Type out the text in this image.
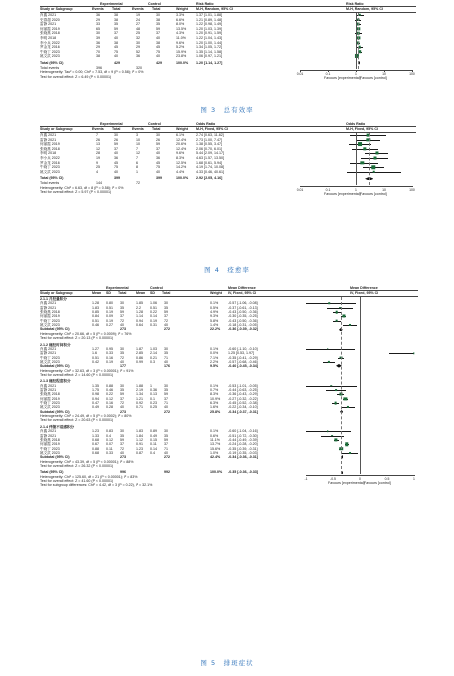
Experimental	Control	Risk Ratio	Risk Ratio
Study or Subgroup	Events Total	Events Total	Weight M-H, Random, 95% CI	M-H, Random, 95% CI
肖鑫 2021	36	38	19	30	3.3%	1.37 [1.01, 1.88]
史群超 2020	29	38	24	38	6.6%	1.21 [0.89, 1.48]
雷静 2021	33	35	27	35	8.0%	1.22 [0.98, 1.49]
何丽霞 2019	65	59	48	59	13.5%	1.20 [1.03, 1.39]
张晓燕 2018	30	37	25	37	4.3%	1.20 [0.91, 1.59]
李明 2018	39	40	32	40	11.0%	1.22 [1.04, 1.43]
李小兵 2022	36	38	30	38	9.6%	1.20 [1.00, 1.44]
罗金龙 2016	29	45	29	45	5.2%	1.34 [1.05, 1.72]
牛晓丁 2023	70	75	52	75	15.9%	1.35 [1.14, 1.58]
姚文武 2023	38	40	36	40	23.8%	1.06 [0.97, 1.21]
Total (95% CI)	429	429	100.0% 1.20 [1.14, 1.27]
Total events	396	320
Heterogeneity: Tau² = 0.00; Chi² = 7.53, df = 9 (P = 0.58); I² = 0%
Test for overall effect: Z = 6.49 (P < 0.00001)
0.01	0.1	1	10	100
Favours [experimental] Favours [control]
图 3　总有效率
Experimental	Control	Odds Ratio	Odds Ratio
Study or Subgroup	Events Total	Events Total	Weight M-H, Fixed, 95% CI	M-H, Fixed, 95% CI
肖鑫 2021	7	30	3	30	6.1%	2.74 [0.63, 11.82]
雷静 2021	26	26	10	26	12.4%	2.73 [1.00, 7.47]
何丽霞 2019	13	59	10	59	20.6%	1.38 [0.55, 3.47]
张晓燕 2018	12	37	7	37	12.4%	2.06 [0.70, 6.01]
李明 2018	28	40	12	40	9.6%	5.44 [2.09, 14.17]
李小兵 2022	19	36	7	36	8.3%	4.63 [1.57, 13.50]
罗金龙 2016	9	45	6	45	12.5%	1.68 [0.61, 5.94]
牛晓丁 2023	25	75	8	75	14.2%	4.19 [1.74, 10.08]
姚文武 2023	4	40	1	40	4.4%	4.33 [0.46, 40.61]
Total (95% CI)	399	399	100.0% 2.92 [2.05, 4.16]
Total events	144	72
Heterogeneity: Chi² = 6.63, df = 8 (P = 0.58); I² = 0%
Test for overall effect: Z = 5.97 (P < 0.00001)
0.01	0.1	1	10	100
Favours [experimental] Favours [control]
图 4　痊愈率
Experimental	Control	Mean Difference	Mean Difference
Study or Subgroup	Mean SD Total	Mean SD Total	Weight IV, Fixed, 95% CI	IV, Fixed, 95% CI
2.1.1 月经量积分
肖鑫 2021	1.28 0.80 30	1.85 1.06 30	0.1%	-0.57 [-1.06, -0.08]
雷静 2021	1.83 0.51 35	2.2	0.51 35	0.5%	-0.37 [-0.61, -0.13]
张晓燕 2018	0.85 0.19 59	1.28 0.22 59	4.9%	-0.43 [-0.50, -0.36]
何丽霞 2019	0.84 0.09 37	1.14 0.14 37	9.3%	-0.30 [-0.35, -0.25]
牛晓丁 2023	0.51 0.19 72	0.94 0.19 72	5.8%	-0.43 [-0.50, -0.36]
姚文武 2023	0.46 0.27 40	0.64 0.31 40	1.4%	-0.18 [-0.31, -0.05]
Subtotal (95% CI)	273	272	22.2% -0.36 [-0.39, -0.32]
Heterogeneity: Chi² = 20.66, df = 5 (P = 0.0009); I² = 76%
Test for overall effect: Z = 20.13 (P < 0.00001)
2.1.2 痛经时间积分
肖鑫 2021	1.27 0.95 30	1.87 1.03 30	0.1%	-0.60 [-1.10, -0.10]
雷静 2021	1.6	0.33 35	2.85 2.14 35	0.0%	1.25 [0.53, 1.97]
牛晓丁 2023	0.51 0.16 72	0.86 0.21 71	7.1%	-0.35 [-0.41, -0.29]
姚文武 2023	0.42 0.19 40	0.99 0.3	40	2.2%	-0.57 [-0.68, -0.46]
Subtotal (95% CI)	177	176	9.5%	-0.40 [-0.45, -0.34]
Heterogeneity: Chi² = 32.63, df = 3 (P < 0.00001); I² = 91%
Test for overall effect: Z = 14.60 (P < 0.00001)
2.1.3 痛经程度积分
肖鑫 2021	1.35 0.88 30	1.88 1	30	0.1%	-0.53 [-1.01, -0.05]
雷静 2021	1.75 0.46 35	2.19 0.36 35	0.7%	-0.44 [-0.63, -0.25]
张晓燕 2018	0.98 0.22 59	1.34 0.13 59	8.3%	-0.36 [-0.43, -0.29]
何丽霞 2019	0.94 0.12 37	1.21 0.1	37	10.9% -0.27 [-0.32, -0.22]
牛晓丁 2023	0.47 0.16 72	0.92 0.23 71	6.3%	-0.45 [-0.52, -0.38]
姚文武 2023	0.49 0.28 40	0.71 0.25 40	1.6%	-0.22 [-0.34, -0.10]
Subtotal (95% CI)	273	272	25.8% -0.34 [-0.37, -0.31]
Heterogeneity: Chi² = 24.49, df = 5 (P = 0.0002); I² = 80%
Test for overall effect: Z = 20.63 (P < 0.00001)
2.1.4 伴随不适感积分
肖鑫 2021	1.23 0.83 30	1.83 0.89 30	0.1%	-0.60 [-1.04, -0.16]
雷静 2021	1.33 0.4	35	1.84 0.49 35	0.6%	-0.51 [-0.72, -0.30]
张晓燕 2018	0.68 0.12 59	1.12 0.15 59	11.1% -0.44 [-0.49, -0.39]
何丽霞 2019	0.67 0.07 37	0.91 0.11 37	13.7% -0.24 [-0.28, -0.20]
牛晓丁 2023	0.88 0.11 72	1.23 0.14 71	15.6% -0.35 [-0.39, -0.31]
姚文武 2023	0.68 0.33 40	0.87 0.4	40	1.0%	-0.19 [-0.35, -0.03]
Subtotal (95% CI)	273	272	42.4% -0.34 [-0.36, -0.31]
Heterogeneity: Chi² = 43.39, df = 5 (P < 0.00001); I² = 88%
Test for overall effect: Z = 26.32 (P < 0.00001)
Total (95% CI)	996	992	100.0% -0.35 [-0.36, -0.33]
Heterogeneity: Chi² = 125.60, df = 21 (P < 0.00001); I² = 83%
Test for overall effect: Z = 41.60 (P < 0.00001)
Test for subgroup differences: Chi² = 4.42, df = 3 (P = 0.22), I² = 32.1%
-1	-0.5	0	0.5	1
Favours [experimental] Favours [control]
图 5　排斑症状
